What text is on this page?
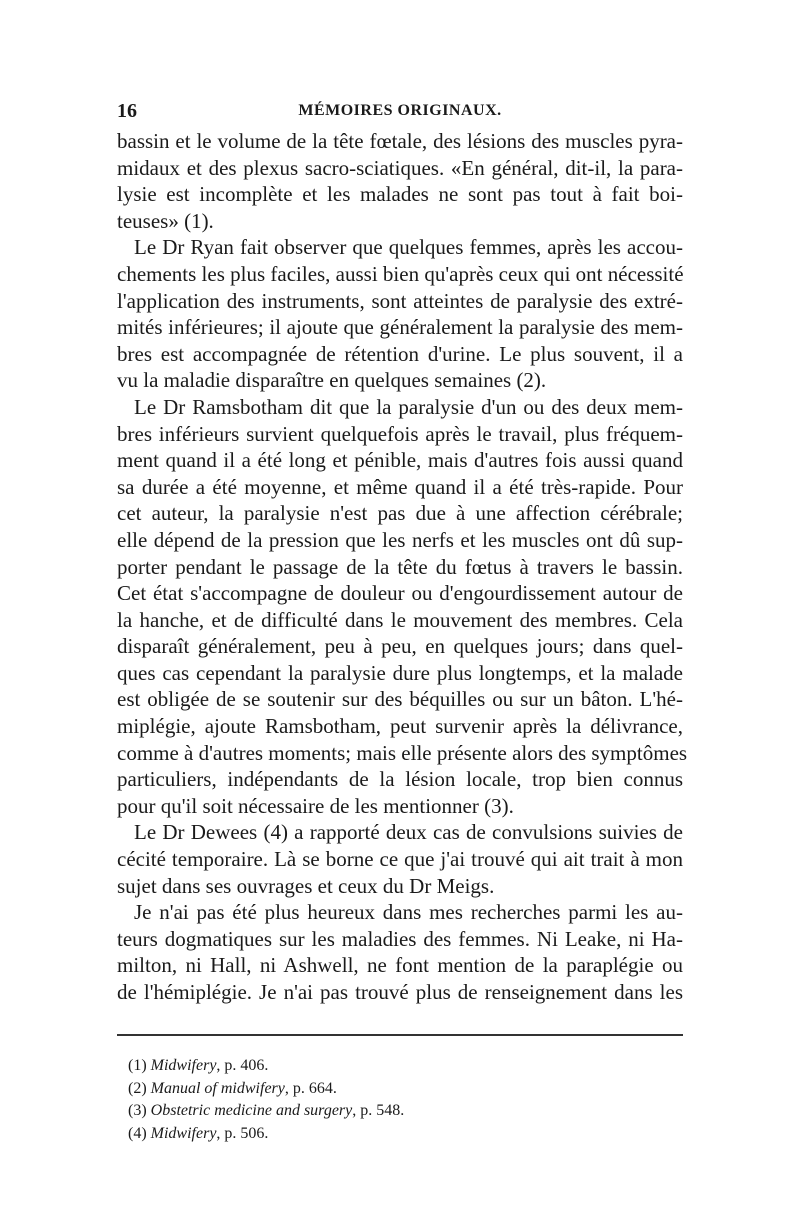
16	MÉMOIRES ORIGINAUX.
bassin et le volume de la tête fœtale, des lésions des muscles pyra-
midaux et des plexus sacro-sciatiques. «En général, dit-il, la para-
lysie est incomplète et les malades ne sont pas tout à fait boi-
teuses» (1).
Le Dr Ryan fait observer que quelques femmes, après les accou-
chements les plus faciles, aussi bien qu'après ceux qui ont nécessité
l'application des instruments, sont atteintes de paralysie des extré-
mités inférieures; il ajoute que généralement la paralysie des mem-
bres est accompagnée de rétention d'urine. Le plus souvent, il a
vu la maladie disparaître en quelques semaines (2).
Le Dr Ramsbotham dit que la paralysie d'un ou des deux mem-
bres inférieurs survient quelquefois après le travail, plus fréquem-
ment quand il a été long et pénible, mais d'autres fois aussi quand
sa durée a été moyenne, et même quand il a été très-rapide. Pour
cet auteur, la paralysie n'est pas due à une affection cérébrale;
elle dépend de la pression que les nerfs et les muscles ont dû sup-
porter pendant le passage de la tête du fœtus à travers le bassin.
Cet état s'accompagne de douleur ou d'engourdissement autour de
la hanche, et de difficulté dans le mouvement des membres. Cela
disparaît généralement, peu à peu, en quelques jours; dans quel-
ques cas cependant la paralysie dure plus longtemps, et la malade
est obligée de se soutenir sur des béquilles ou sur un bâton. L'hé-
miplégie, ajoute Ramsbotham, peut survenir après la délivrance,
comme à d'autres moments; mais elle présente alors des symptômes
particuliers, indépendants de la lésion locale, trop bien connus
pour qu'il soit nécessaire de les mentionner (3).
Le Dr Dewees (4) a rapporté deux cas de convulsions suivies de
cécité temporaire. Là se borne ce que j'ai trouvé qui ait trait à mon
sujet dans ses ouvrages et ceux du Dr Meigs.
Je n'ai pas été plus heureux dans mes recherches parmi les au-
teurs dogmatiques sur les maladies des femmes. Ni Leake, ni Ha-
milton, ni Hall, ni Ashwell, ne font mention de la paraplégie ou
de l'hémiplégie. Je n'ai pas trouvé plus de renseignement dans les
(1) Midwifery, p. 406.
(2) Manual of midwifery, p. 664.
(3) Obstetric medicine and surgery, p. 548.
(4) Midwifery, p. 506.
